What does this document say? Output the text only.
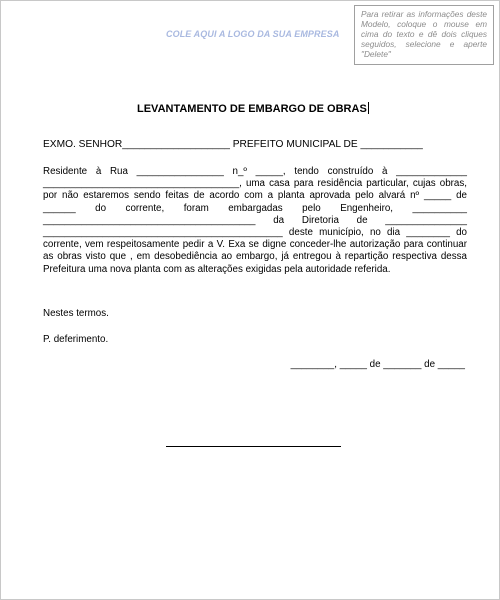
COLE AQUI A LOGO DA SUA EMPRESA
Para retirar as informações deste Modelo, coloque o mouse em cima do texto e dê dois cliques seguidos, selecione e aperte "Delete"
LEVANTAMENTO DE EMBARGO DE OBRAS
EXMO. SENHOR___________________ PREFEITO MUNICIPAL DE ___________
Residente à Rua ________________ n_º _____, tendo construído à _____________ ____________________________________, uma casa para residência particular, cujas obras, por não estaremos sendo feitas de acordo com a planta aprovada pelo alvará nº _____ de ______ do corrente, foram embargadas pelo Engenheiro, __________ _______________________________________ da Diretoria de _______________ ____________________________________________ deste município, no dia ________ do corrente, vem respeitosamente pedir a V. Exa se digne conceder-lhe autorização para continuar as obras visto que , em desobediência ao embargo, já entregou à repartição respectiva dessa Prefeitura uma nova planta com as alterações exigidas pela autoridade referida.
Nestes termos.
P. deferimento.
________, _____ de _______ de _____
